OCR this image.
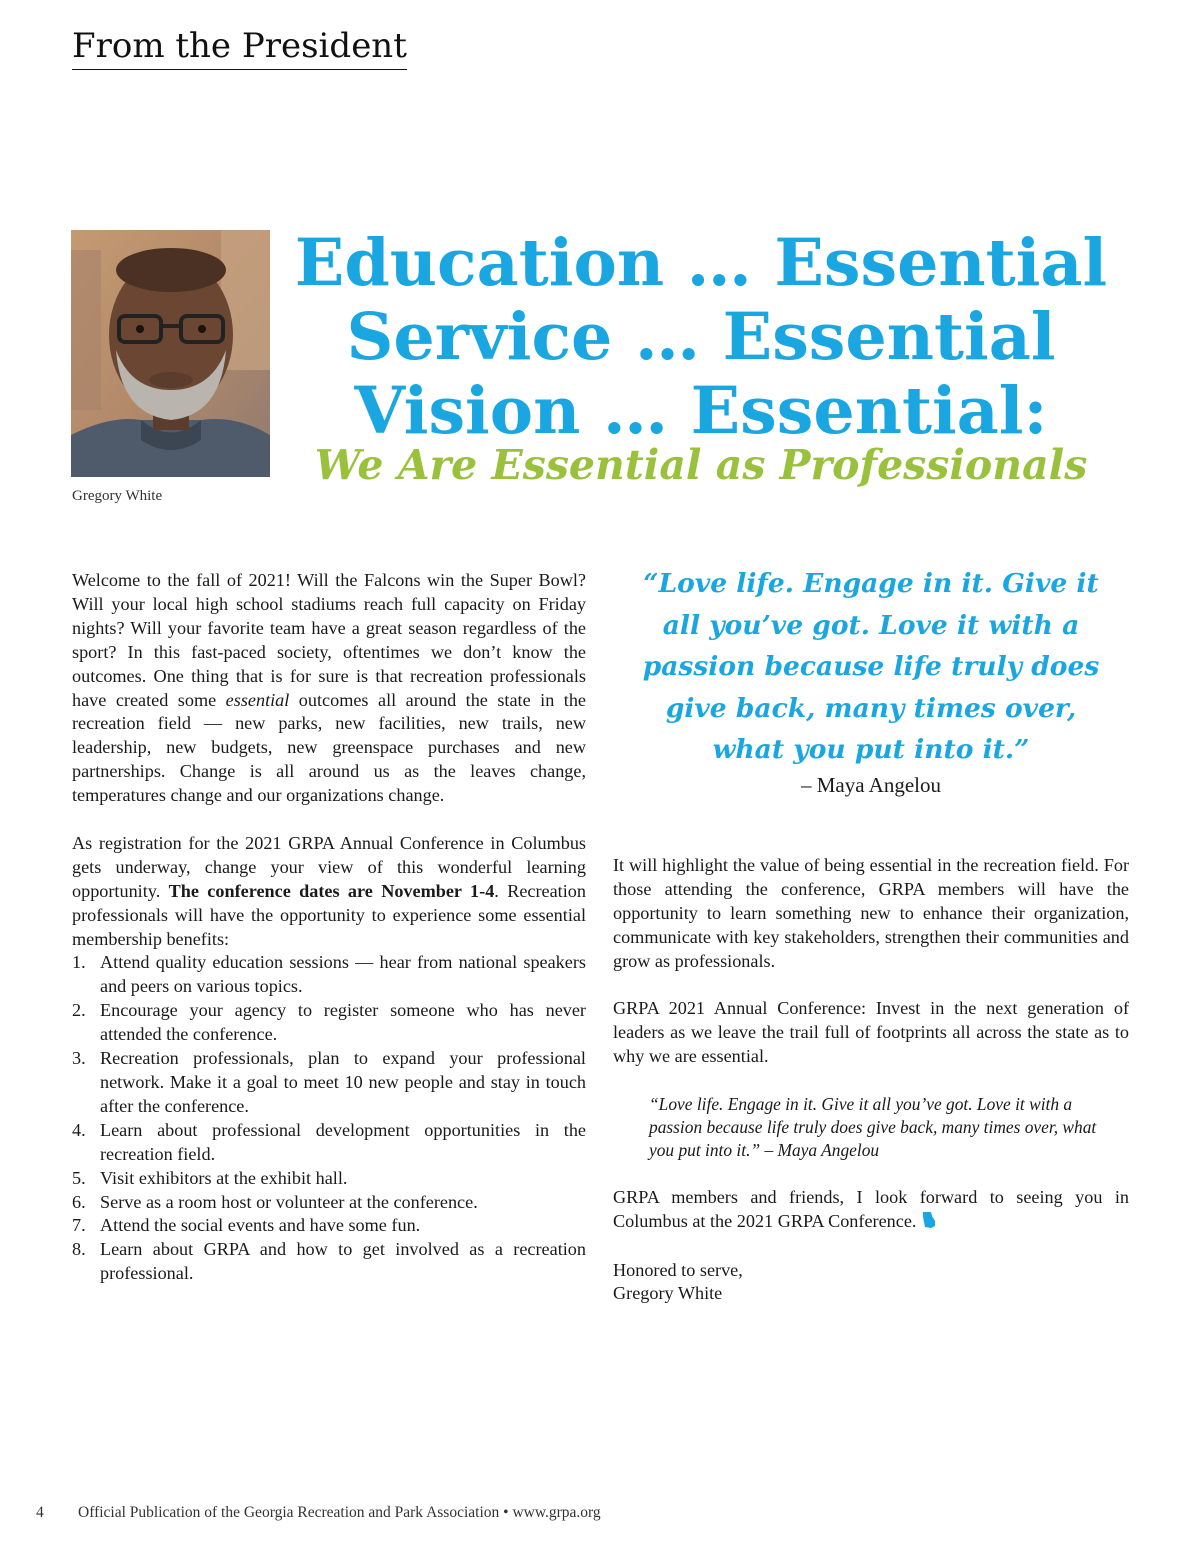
From the President
Gregory White
Education … Essential
Service … Essential
Vision … Essential:
We Are Essential as Professionals

Welcome to the fall of 2021! Will the Falcons win the Super Bowl? Will your local high school stadiums reach full capacity on Friday nights? Will your favorite team have a great season regardless of the sport? In this fast-paced society, oftentimes we don’t know the outcomes. One thing that is for sure is that recreation professionals have created some essential outcomes all around the state in the recreation field — new parks, new facilities, new trails, new leadership, new budgets, new greenspace purchases and new partnerships. Change is all around us as the leaves change, temperatures change and our organizations change.

As registration for the 2021 GRPA Annual Conference in Columbus gets underway, change your view of this wonderful learning opportunity. The conference dates are November 1-4. Recreation professionals will have the opportunity to experience some essential membership benefits:

1. Attend quality education sessions — hear from national speakers and peers on various topics.
2. Encourage your agency to register someone who has never attended the conference.
3. Recreation professionals, plan to expand your professional network. Make it a goal to meet 10 new people and stay in touch after the conference.
4. Learn about professional development opportunities in the recreation field.
5. Visit exhibitors at the exhibit hall.
6. Serve as a room host or volunteer at the conference.
7. Attend the social events and have some fun.
8. Learn about GRPA and how to get involved as a recreation professional.
“Love life. Engage in it. Give it all you’ve got. Love it with a passion because life truly does give back, many times over, what you put into it.”
– Maya Angelou

It will highlight the value of being essential in the recreation field. For those attending the conference, GRPA members will have the opportunity to learn something new to enhance their organization, communicate with key stakeholders, strengthen their communities and grow as professionals.

GRPA 2021 Annual Conference: Invest in the next generation of leaders as we leave the trail full of footprints all across the state as to why we are essential.

“Love life. Engage in it. Give it all you’ve got. Love it with a passion because life truly does give back, many times over, what you put into it.” – Maya Angelou

GRPA members and friends, I look forward to seeing you in Columbus at the 2021 GRPA Conference.

Honored to serve,

Gregory White

4 Official Publication of the Georgia Recreation and Park Association • www.grpa.org
